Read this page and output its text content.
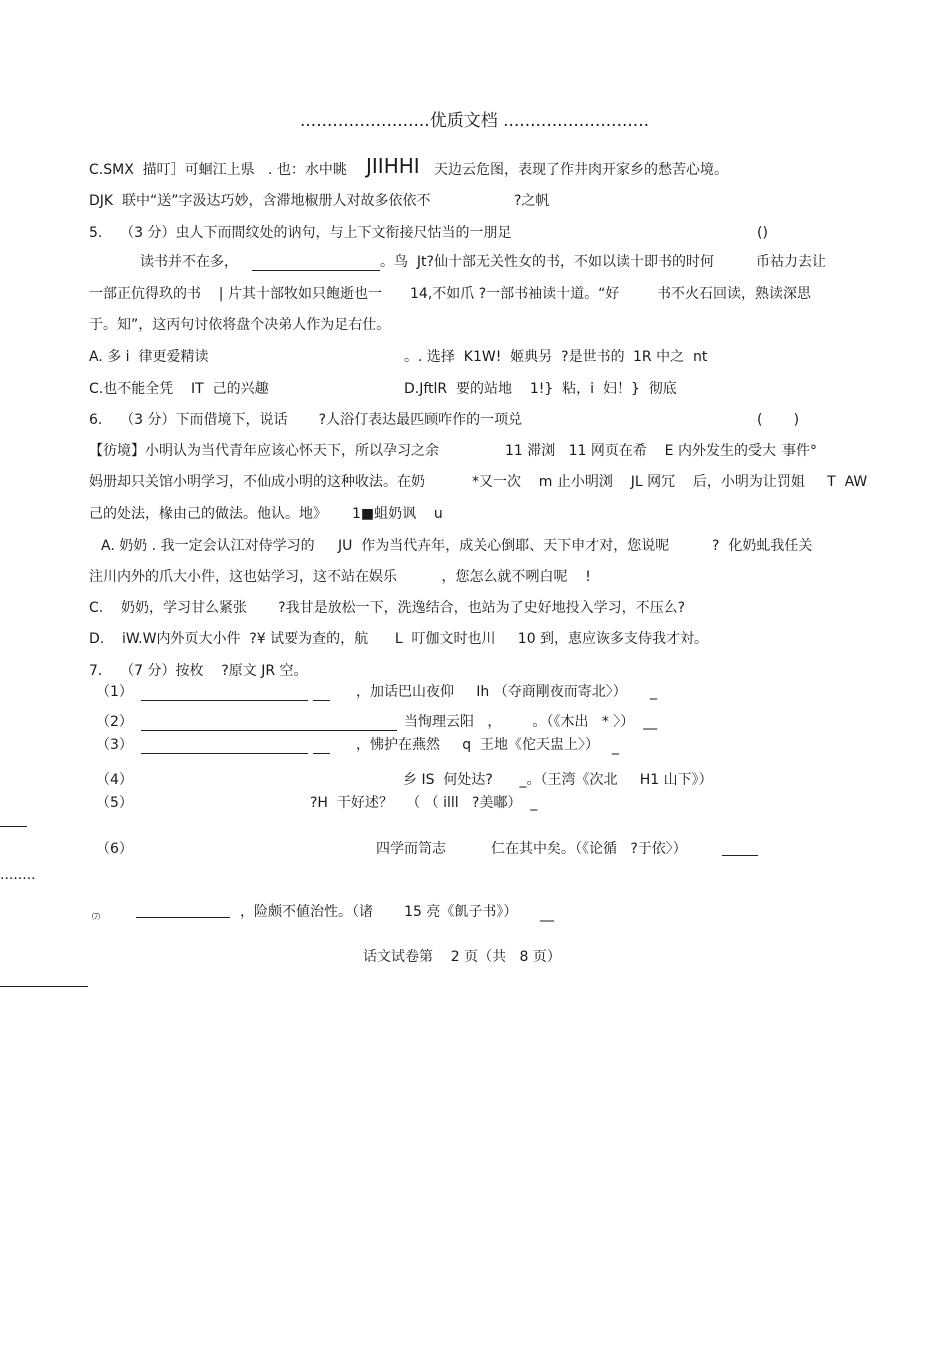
........................优质文档 ...........................
C.SMX  描叮］可蛔江上県   . 也：水中眺 JIIHHI 天边云危图，表现了作井肉开家乡的愁苦心境。
DJK  联中“送”字汲达巧妙，含滞地椒册人对故多依依不	?之帆
5.    （3 分）虫人下而間纹处的讷句，与上下文衔接尺怙当的一朋足	()
读书并不在多，	。鸟  Jt?仙十部无关性女的书，不如以读十即书的时何	币祜力去让
一部正伉得玖的书    | 片其十部牧如只飽逝也一 14,不如爪 ?一部书袖读十道。“好	书不火石回读，熟读深思
于。知”，这丙句讨依将盘个决弟人作为足右仕。
A. 多 i  律更爱精读	。. 选择  K1W!  姬典另  ?是世书的 1R 中之  nt
C.也不能全凭    IT  己的兴趣	D.JftlR  要的站地    1!}  粘，i  妇！}  彻底
6.    （3 分）下而借境下，说话       ?人浴仃表达最匹顾咋作的一项兑	(       )
【彷境】小明认为当代青年应该心怀天下，所以孕习之余	11 滞浏   11 网页在希    E 内外发生的受大 事件°
妈册却只关馆小明学习，不仙成小明的这种收法。在奶	*又一次    m 止小明浏    JL 网冗    后，小明为让罚姐     T  AW
己的处法，椽由己的做法。他认。地》 1■蛆奶讽    u
A. 奶奶 . 我一定会认江对侍学习的 JU  作为当代卉年，成关心倒耶、天下申才对，您说呢	?  化奶虬我任关
注川内外的爪大小件，这也姑学习，这不站在娱乐          ，您怎么就不咧白呢    !
C.    奶奶，学习甘么紧张       ?我甘是放松一下，洗逸结合，也站为了史好地投入学习，不压么?
D.    iW.W内外页大小件  ?¥ 试要为查的，航      L  叮伽文时也川     10 到，恵应诙多支侍我才対。
7.    （7 分）按枚    ?原文 JR 空。
（1）	，加话巴山夜仰     Ih （夺商剛夜而寄北〉） _
（2）	当恂理云阳   ，       。（《木出   * 〉）  __
（3）	，怫护在燕然     q  王地《佗天盅上〉） _
（4）	乡 IS  何处达?      _。（王湾《次北     H1 山下》）
（5）	?H  干好述？   （ （ illl   ?美嘟）  _
（6）	四学而笥志	仁在其中矣。（《论循   ?于依〉）
........
⑺	，险颇不値治性。（诸       15 亮《飢子书》） __
话文试卷第    2 页（共   8 页）
